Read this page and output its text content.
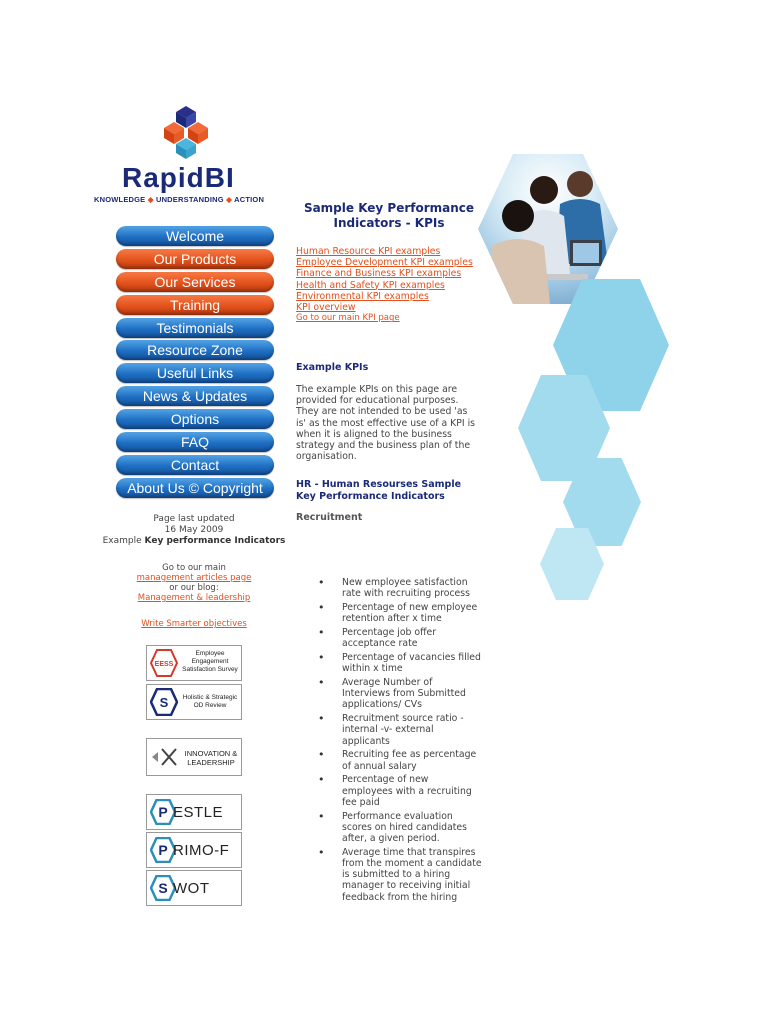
RapidBI
KNOWLEDGE ◆ UNDERSTANDING ◆ ACTION
Welcome
Our Products
Our Services
Training
Testimonials
Resource Zone
Useful Links
News & Updates
Options
FAQ
Contact
About Us © Copyright
Page last updated
16 May 2009
Example Key performance Indicators
Go to our main
management articles page
or our blog:
Management & leadership
Write Smarter objectives
EESS
Employee Engagement Satisfaction Survey
S Holistic & Strategic OD Review
INNOVATION & LEADERSHIP
P ESTLE
P RIMO-F
S WOT
Sample Key Performance Indicators - KPIs
Human Resource KPI examples
Employee Development KPI examples
Finance and Business KPI examples
Health and Safety KPI examples
Environmental KPI examples
KPI overview
Go to our main KPI page
Example KPIs
The example KPIs on this page are provided for educational purposes. They are not intended to be used 'as is' as the most effective use of a KPI is when it is aligned to the business strategy and the business plan of the organisation.
HR - Human Resourses Sample Key Performance Indicators
Recruitment
• New employee satisfaction rate with recruiting process
• Percentage of new employee retention after x time
• Percentage job offer acceptance rate
• Percentage of vacancies filled within x time
• Average Number of Interviews from Submitted applications/ CVs
• Recruitment source ratio - internal -v- external applicants
• Recruiting fee as percentage of annual salary
• Percentage of new employees with a recruiting fee paid
• Performance evaluation scores on hired candidates after, a given period.
• Average time that transpires from the moment a candidate is submitted to a hiring manager to receiving initial feedback from the hiring
